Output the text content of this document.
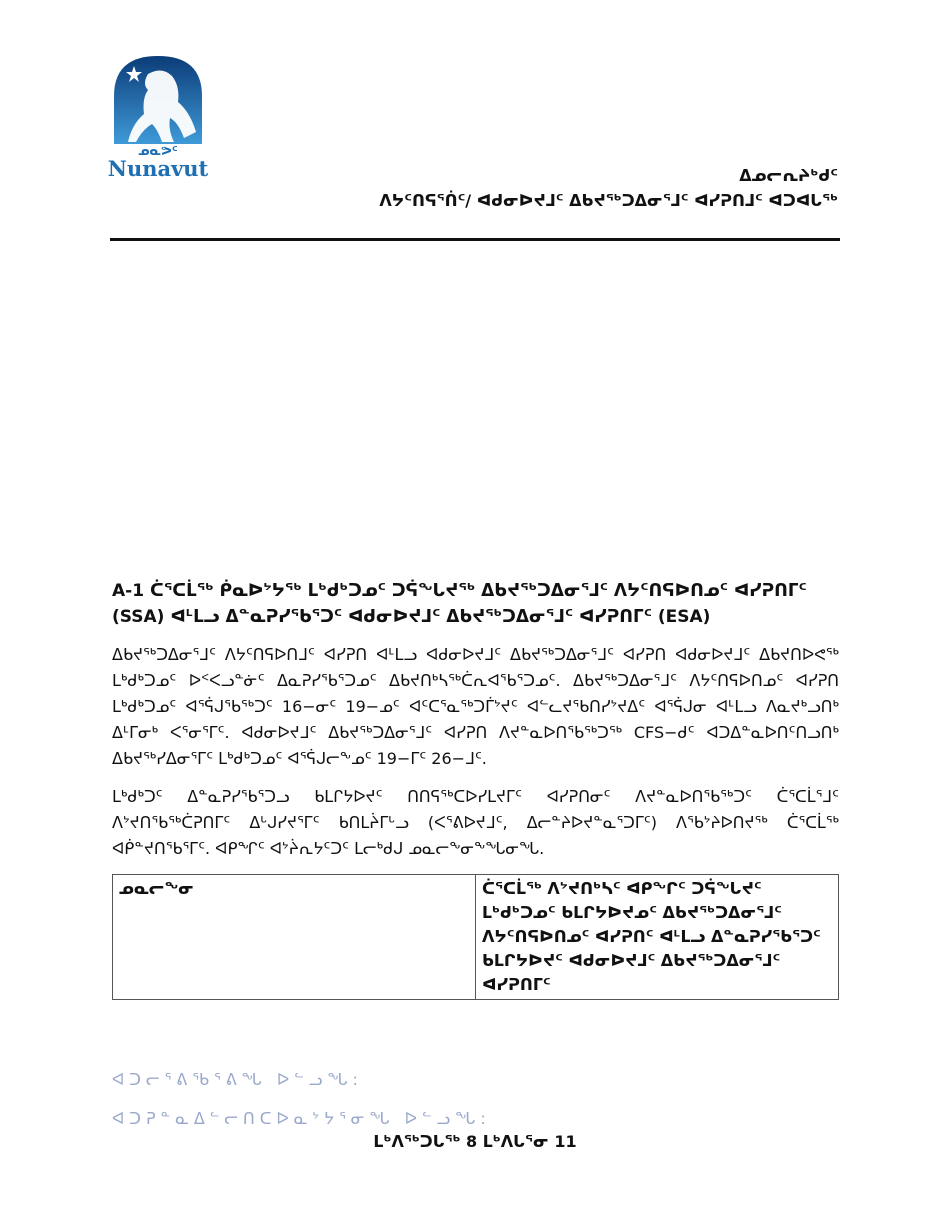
ᓄᓇᕗᑦ
Nunavut	ᐃᓄᓕᕆᔨᒃᑯᑦ
ᐱᔭᑦᑎᕋᕐᑏᑦ/ ᐊᑯᓂᐅᔪᒧᑦ ᐃᑲᔪᖅᑐᐃᓂᕐᒧᑦ ᐊᓯᕈᑎᒧᑦ ᐊᑐᐊᒐᖅ
A-1 ᑖᕐᑕᒫᖅ ᑮᓇᐅᔾᔭᖅ ᒪᒃᑯᒃᑐᓄᑦ ᑐᕌᖓᔪᖅ ᐃᑲᔪᖅᑐᐃᓂᕐᒧᑦ ᐱᔭᑦᑎᕋᐅᑎᓄᑦ ᐊᓯᕈᑎᒥᑦ (SSA) ᐊᒻᒪᓗ ᐃᓐᓇᕈᓯᖃᕐᑐᑦ ᐊᑯᓂᐅᔪᒧᑦ ᐃᑲᔪᖅᑐᐃᓂᕐᒧᑦ ᐊᓯᕈᑎᒥᑦ (ESA)

ᐃᑲᔪᖅᑐᐃᓂᕐᒧᑦ ᐱᔭᑦᑎᕋᐅᑎᒧᑦ ᐊᓯᕈᑎ ᐊᒻᒪᓗ ᐊᑯᓂᐅᔪᒧᑦ ᐃᑲᔪᖅᑐᐃᓂᕐᒧᑦ ᐊᓯᕈᑎ ᐊᑯᓂᐅᔪᒧᑦ ᐃᑲᔪᑎᐅᕙᖅ ᒪᒃᑯᒃᑐᓄᑦ ᐅᑉᐸᓗᓐᓃᑦ ᐃᓇᕈᓯᖃᕐᑐᓄᑦ ᐃᑲᔪᑎᒃᓴᖅᑖᕆᐊᖃᕐᑐᓄᑦ. ᐃᑲᔪᖅᑐᐃᓂᕐᒧᑦ ᐱᔭᑦᑎᕋᐅᑎᓄᑦ ᐊᓯᕈᑎ ᒪᒃᑯᒃᑐᓄᑦ ᐊᕐᕌᒍᖃᖅᑐᑦ 16−ᓂᑦ 19−ᓄᑦ ᐊᑦᑕᕐᓇᖅᑐᒦᔾᔪᑦ ᐊᓪᓚᔪᕐᑲᑎᓯᔾᔪᐃᑦ ᐊᕐᕌᒍᓂ ᐊᒻᒪᓗ ᐱᓇᔪᒃᓗᑎᒃ ᐃᒻᒥᓂᒃ ᐸᕐᓂᕐᒥᑦ. ᐊᑯᓂᐅᔪᒧᑦ ᐃᑲᔪᖅᑐᐃᓂᕐᒧᑦ ᐊᓯᕈᑎ ᐱᔪᓐᓇᐅᑎᖃᖅᑐᖅ CFS−ᑯᑦ ᐊᑐᐃᓐᓇᐅᑎᑦᑎᓗᑎᒃ ᐃᑲᔪᖅᓯᐃᓂᕐᒥᑦ ᒪᒃᑯᒃᑐᓄᑦ ᐊᕐᕌᒍᓕᖕᓄᑦ 19−ᒥᑦ 26−ᒧᑦ.

ᒪᒃᑯᒃᑐᑦ ᐃᓐᓇᕈᓯᖃᕐᑐᓗ ᑲᒪᒋᔭᐅᔪᑦ ᑎᑎᕋᖅᑕᐅᓯᒪᔪᒥᑦ ᐊᓯᕈᑎᓂᑦ ᐱᔪᓐᓇᐅᑎᖃᖅᑐᑦ ᑖᕐᑕᒫᕐᒧᑦ ᐱᔾᔪᑎᖃᖅᑖᕈᑎᒥᑦ ᐃᒡᒍᓯᔪᕐᒥᑦ ᑲᑎᒪᔩᒥᒡᓗ (ᐸᕐᕕᐅᔪᒧᑦ, ᐃᓕᓐᔨᐅᔪᓐᓇᕐᑐᒥᑦ) ᐱᖃᔾᔨᐅᑎᔪᖅ ᑖᕐᑕᒫᖅ ᐊᑮᓐᔪᑎᖃᕐᒥᑦ. ᐊᑭᖏᑦ ᐊᔾᔩᕆᔭᑦᑐᑦ ᒪᓕᒃᑯᒍ ᓄᓇᓕᖕᓂᖕᖓᓂᖓ.

ᓄᓇᓕᖕᓂ	ᑖᕐᑕᒫᖅ ᐱᔾᔪᑎᒃᓴᑦ ᐊᑭᖏᑦ ᑐᕌᖓᔪᑦ ᒪᒃᑯᒃᑐᓄᑦ ᑲᒪᒋᔭᐅᔪᓄᑦ ᐃᑲᔪᖅᑐᐃᓂᕐᒧᑦ ᐱᔭᑦᑎᕋᐅᑎᓄᑦ ᐊᓯᕈᑎᑦ ᐊᒻᒪᓗ ᐃᓐᓇᕈᓯᖃᕐᑐᑦ ᑲᒪᒋᔭᐅᔪᑦ ᐊᑯᓂᐅᔪᒧᑦ ᐃᑲᔪᖅᑐᐃᓂᕐᒧᑦ ᐊᓯᕈᑎᒥᑦ
ᐊᑐᓕᕐᕕᖃᕐᕕᖓ ᐅᓪᓗᖓ:
ᐊᑐᕈᓐᓇᐃᓪᓕᑎᑕᐅᓇᔾᔭᕐᓂᖓ ᐅᓪᓗᖓ:
ᒪᒃᐱᖅᑐᒐᖅ 8 ᒪᒃᐱᒐᕐᓂ 11
